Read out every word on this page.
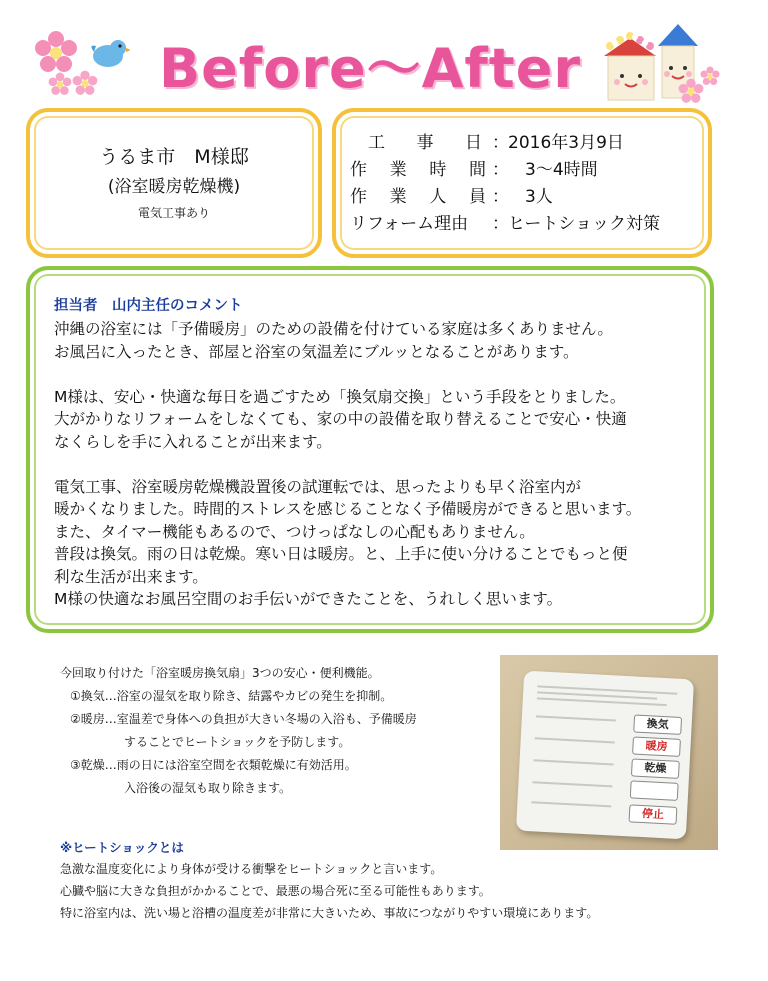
Before～After
うるま市　M様邸
(浴室暖房乾燥機)
電気工事あり
工 事 日 ： 2016年3月9日
作 業 時 間 ： 　3～4時間
作 業 人 員 ： 　3人
リフォーム理由 ： ヒートショック対策
担当者　山内主任のコメント

沖縄の浴室には「予備暖房」のための設備を付けている家庭は多くありません。

お風呂に入ったとき、部屋と浴室の気温差にブルッとなることがあります。

M様は、安心・快適な毎日を過ごすため「換気扇交換」という手段をとりました。

大がかりなリフォームをしなくても、家の中の設備を取り替えることで安心・快適

なくらしを手に入れることが出来ます。

電気工事、浴室暖房乾燥機設置後の試運転では、思ったよりも早く浴室内が

暖かくなりました。時間的ストレスを感じることなく予備暖房ができると思います。

また、タイマー機能もあるので、つけっぱなしの心配もありません。

普段は換気。雨の日は乾燥。寒い日は暖房。と、上手に使い分けることでもっと便

利な生活が出来ます。

M様の快適なお風呂空間のお手伝いができたことを、うれしく思います。

今回取り付けた「浴室暖房換気扇」3つの安心・便利機能。

①換気…浴室の湿気を取り除き、結露やカビの発生を抑制。

②暖房…室温差で身体への負担が大きい冬場の入浴も、予備暖房

することでヒートショックを予防します。

③乾燥…雨の日には浴室空間を衣類乾燥に有効活用。

入浴後の湿気も取り除きます。

換気
暖房
乾燥
停止
※ヒートショックとは

急激な温度変化により身体が受ける衝撃をヒートショックと言います。

心臓や脳に大きな負担がかかることで、最悪の場合死に至る可能性もあります。

特に浴室内は、洗い場と浴槽の温度差が非常に大きいため、事故につながりやすい環境にあります。
